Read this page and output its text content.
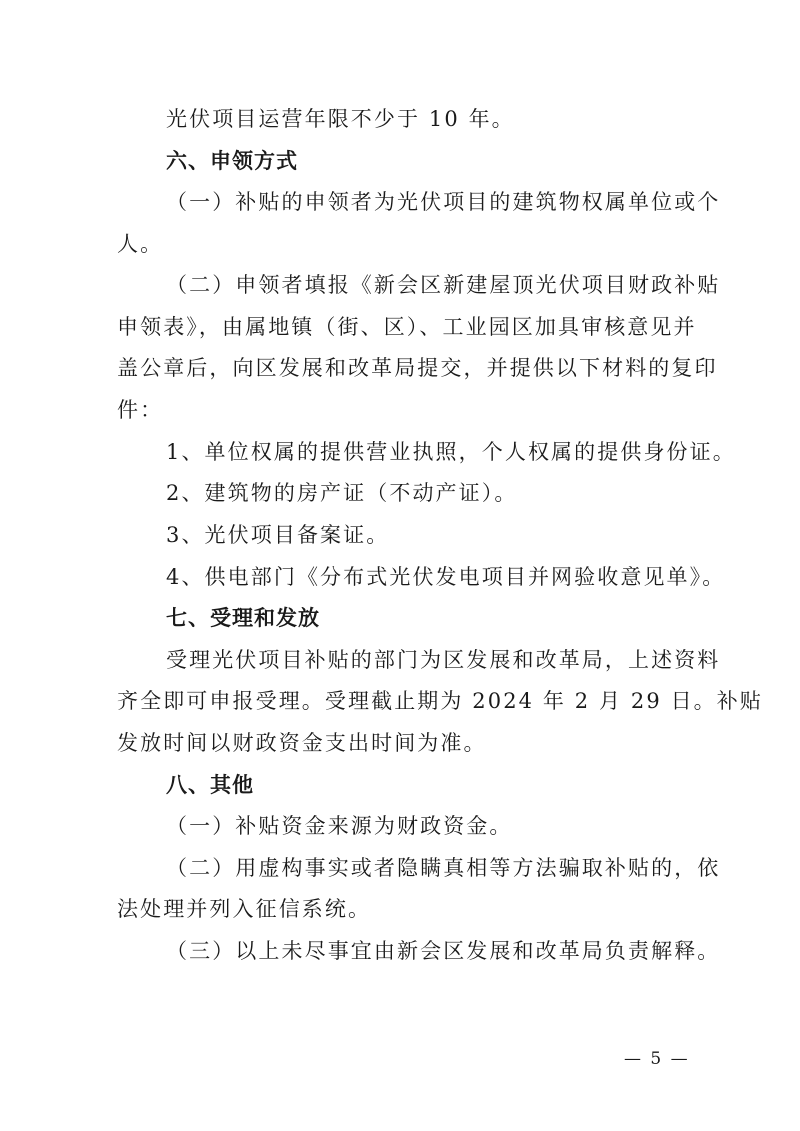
光伏项目运营年限不少于 10 年。
六、申领方式
（一）补贴的申领者为光伏项目的建筑物权属单位或个
人。
（二）申领者填报《新会区新建屋顶光伏项目财政补贴
申领表》，由属地镇（街、区）、工业园区加具审核意见并
盖公章后，向区发展和改革局提交，并提供以下材料的复印
件：
1、单位权属的提供营业执照，个人权属的提供身份证。
2、建筑物的房产证（不动产证）。
3、光伏项目备案证。
4、供电部门《分布式光伏发电项目并网验收意见单》。
七、受理和发放
受理光伏项目补贴的部门为区发展和改革局，上述资料
齐全即可申报受理。受理截止期为 2024 年 2 月 29 日。补贴
发放时间以财政资金支出时间为准。
八、其他
（一）补贴资金来源为财政资金。
（二）用虚构事实或者隐瞒真相等方法骗取补贴的，依
法处理并列入征信系统。
（三）以上未尽事宜由新会区发展和改革局负责解释。
— 5 —
